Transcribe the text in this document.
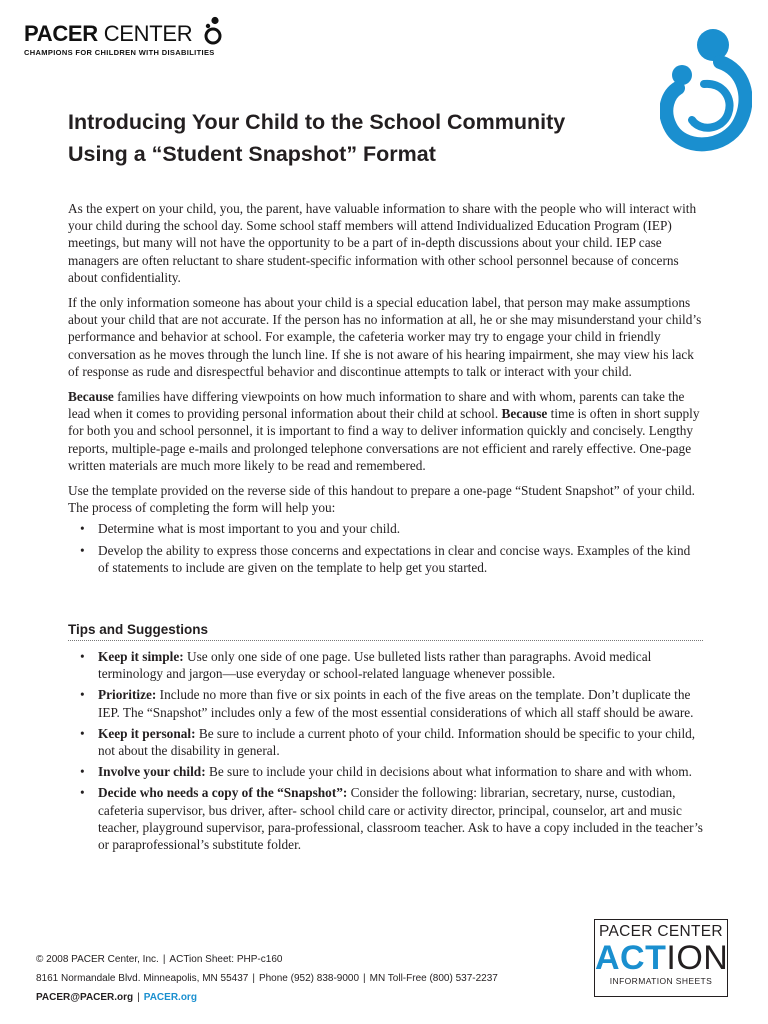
PACER CENTER
CHAMPIONS FOR CHILDREN WITH DISABILITIES
Introducing Your Child to the School Community
Using a “Student Snapshot” Format

As the expert on your child, you, the parent, have valuable information to share with the people who will interact with your child during the school day. Some school staff members will attend Individualized Education Program (IEP) meetings, but many will not have the opportunity to be a part of in-depth discussions about your child. IEP case managers are often reluctant to share student-specific information with other school personnel because of concerns about confidentiality.

If the only information someone has about your child is a special education label, that person may make assumptions about your child that are not accurate. If the person has no information at all, he or she may misunderstand your child’s performance and behavior at school. For example, the cafeteria worker may try to engage your child in friendly conversation as he moves through the lunch line. If she is not aware of his hearing impairment, she may view his lack of response as rude and disrespectful behavior and discontinue attempts to talk or interact with your child.

Because families have differing viewpoints on how much information to share and with whom, parents can take the lead when it comes to providing personal information about their child at school. Because time is often in short supply for both you and school personnel, it is important to find a way to deliver information quickly and concisely. Lengthy reports, multiple-page e-mails and prolonged telephone conversations are not efficient and rarely effective. One-page written materials are much more likely to be read and remembered.

Use the template provided on the reverse side of this handout to prepare a one-page “Student Snapshot” of your child. The process of completing the form will help you:

• Determine what is most important to you and your child.
• Develop the ability to express those concerns and expectations in clear and concise ways. Examples of the kind of statements to include are given on the template to help get you started.
Tips and Suggestions
• Keep it simple: Use only one side of one page. Use bulleted lists rather than paragraphs. Avoid medical terminology and jargon—use everyday or school-related language whenever possible.
• Prioritize: Include no more than five or six points in each of the five areas on the template. Don’t duplicate the IEP. The “Snapshot” includes only a few of the most essential considerations of which all staff should be aware.
• Keep it personal: Be sure to include a current photo of your child. Information should be specific to your child, not about the disability in general.
• Involve your child: Be sure to include your child in decisions about what information to share and with whom.
• Decide who needs a copy of the “Snapshot”: Consider the following: librarian, secretary, nurse, custodian, cafeteria supervisor, bus driver, after- school child care or activity director, principal, counselor, art and music teacher, playground supervisor, para-professional, classroom teacher. Ask to have a copy included in the teacher’s or paraprofessional’s substitute folder.
© 2008 PACER Center, Inc. | ACTion Sheet: PHP-c160
8161 Normandale Blvd. Minneapolis, MN 55437 | Phone (952) 838-9000 | MN Toll-Free (800) 537-2237
PACER@PACER.org | PACER.org
PACER CENTER
ACTION
INFORMATION SHEETS
